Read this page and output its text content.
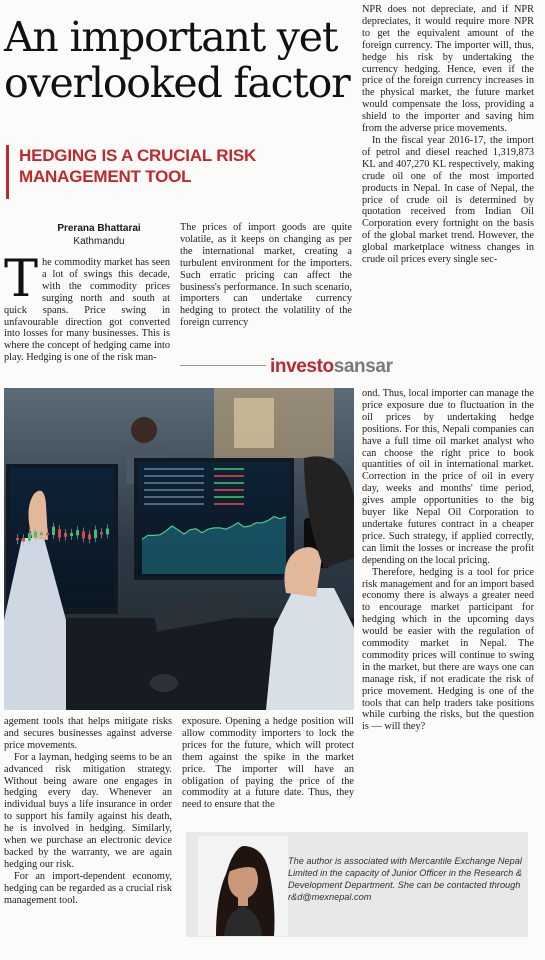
An important yet overlooked factor
HEDGING IS A CRUCIAL RISK MANAGEMENT TOOL
Prerana Bhattarai
Kathmandu

The commodity market has seen a lot of swings this decade, with the commodity prices surging north and south at quick spans. Price swing in unfavourable direction got converted into losses for many businesses. This is where the concept of hedging came into play. Hedging is one of the risk man-

The prices of import goods are quite volatile, as it keeps on changing as per the international market, creating a turbulent environment for the importers. Such erratic pricing can affect the business's performance. In such scenario, importers can undertake currency hedging to protect the volatility of the foreign currency

NPR does not depreciate, and if NPR depreciates, it would require more NPR to get the equivalent amount of the foreign currency. The importer will, thus, hedge his risk by undertaking the currency hedging. Hence, even if the price of the foreign currency increases in the physical market, the future market would compensate the loss, providing a shield to the importer and saving him from the adverse price movements.

In the fiscal year 2016-17, the import of petrol and diesel reached 1,319,873 KL and 407,270 KL respectively, making crude oil one of the most imported products in Nepal. In case of Nepal, the price of crude oil is determined by quotation received from Indian Oil Corporation every fortnight on the basis of the global market trend. However, the global marketplace witness changes in crude oil prices every single sec-

investosansar
rsis.net

ond. Thus, local importer can manage the price exposure due to fluctuation in the oil prices by undertaking hedge positions. For this, Nepali companies can have a full time oil market analyst who can choose the right price to book quantities of oil in international market. Correction in the price of oil in every day, weeks and months' time period, gives ample opportunities to the big buyer like Nepal Oil Corporation to undertake futures contract in a cheaper price. Such strategy, if applied correctly, can limit the losses or increase the profit depending on the local pricing.

Therefore, hedging is a tool for price risk management and for an import based economy there is always a greater need to encourage market participant for hedging which in the upcoming days would be easier with the regulation of commodity market in Nepal. The commodity prices will continue to swing in the market, but there are ways one can manage risk, if not eradicate the risk of price movement. Hedging is one of the tools that can help traders take positions while curbing the risks, but the question is — will they?

agement tools that helps mitigate risks and secures businesses against adverse price movements.

For a layman, hedging seems to be an advanced risk mitigation strategy. Without being aware one engages in hedging every day. Whenever an individual buys a life insurance in order to support his family against his death, he is involved in hedging. Similarly, when we purchase an electronic device backed by the warranty, we are again hedging our risk.

For an import-dependent economy, hedging can be regarded as a crucial risk management tool.

exposure. Opening a hedge position will allow commodity importers to lock the prices for the future, which will protect them against the spike in the market price. The importer will have an obligation of paying the price of the commodity at a future date. Thus, they need to ensure that the

The author is associated with Mercantile Exchange Nepal Limited in the capacity of Junior Officer in the Research & Development Department. She can be contacted through r&d@mexnepal.com
